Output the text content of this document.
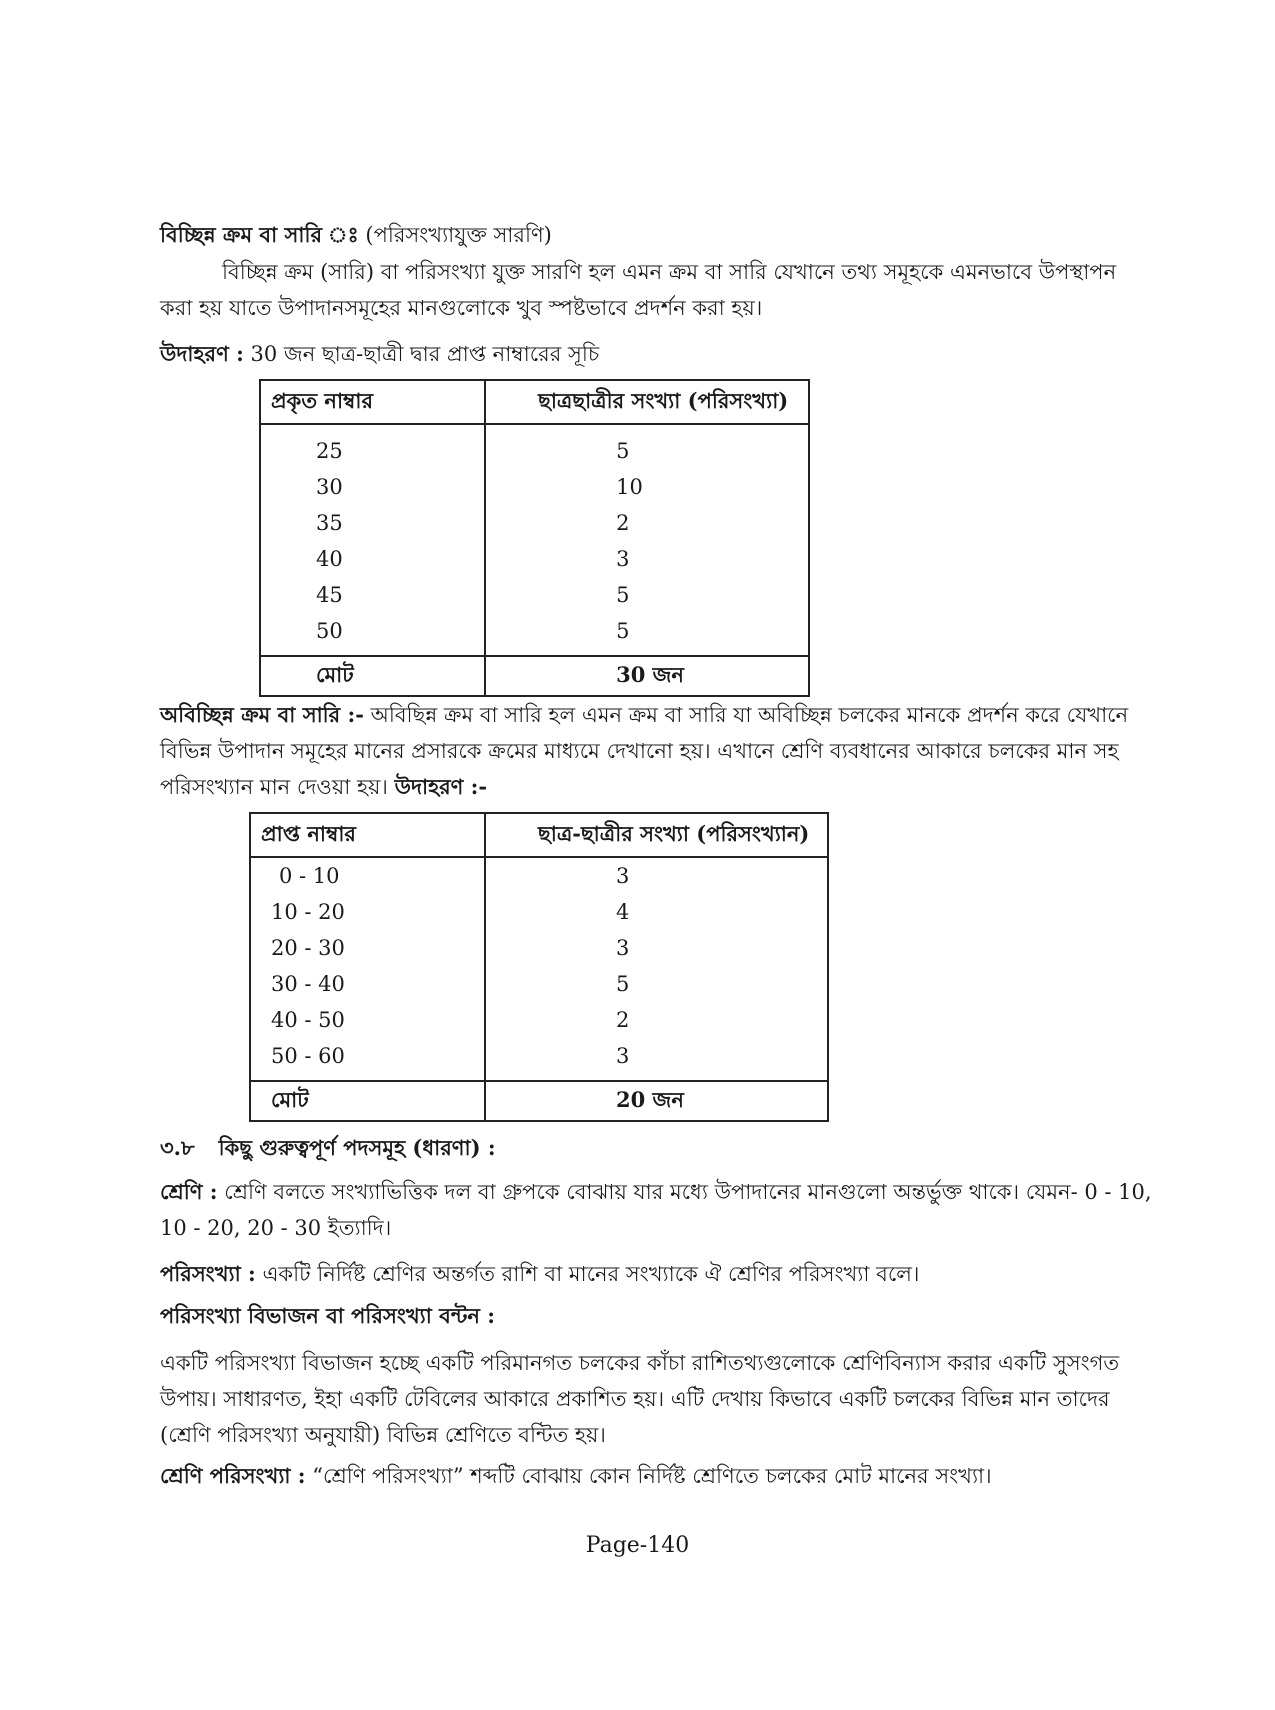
বিচ্ছিন্ন ক্রম বা সারি ঃ (পরিসংখ্যাযুক্ত সারণি)
বিচ্ছিন্ন ক্রম (সারি) বা পরিসংখ্যা যুক্ত সারণি হল এমন ক্রম বা সারি যেখানে তথ্য সমূহকে এমনভাবে উপস্থাপন করা হয় যাতে উপাদানসমূহের মানগুলোকে খুব স্পষ্টভাবে প্রদর্শন করা হয়।
উদাহরণ : 30 জন ছাত্র-ছাত্রী দ্বার প্রাপ্ত নাম্বারের সূচি
প্রকৃত নাম্বার	ছাত্রছাত্রীর সংখ্যা (পরিসংখ্যা)
25	5
30	10
35	2
40	3
45	5
50	5
মোট	30 জন
অবিচ্ছিন্ন ক্রম বা সারি :- অবিছিন্ন ক্রম বা সারি হল এমন ক্রম বা সারি যা অবিচ্ছিন্ন চলকের মানকে প্রদর্শন করে যেখানে বিভিন্ন উপাদান সমূহের মানের প্রসারকে ক্রমের মাধ্যমে দেখানো হয়। এখানে শ্রেণি ব্যবধানের আকারে চলকের মান সহ পরিসংখ্যান মান দেওয়া হয়। উদাহরণ :-
প্রাপ্ত নাম্বার	ছাত্র-ছাত্রীর সংখ্যা (পরিসংখ্যান)
0 - 10	3
10 - 20	4
20 - 30	3
30 - 40	5
40 - 50	2
50 - 60	3
মোট	20 জন
৩.৮ কিছু গুরুত্বপূর্ণ পদসমূহ (ধারণা) :
শ্রেণি : শ্রেণি বলতে সংখ্যাভিত্তিক দল বা গ্রুপকে বোঝায় যার মধ্যে উপাদানের মানগুলো অন্তর্ভুক্ত থাকে। যেমন- 0 - 10, 10 - 20, 20 - 30 ইত্যাদি।
পরিসংখ্যা : একটি নির্দিষ্ট শ্রেণির অন্তর্গত রাশি বা মানের সংখ্যাকে ঐ শ্রেণির পরিসংখ্যা বলে।
পরিসংখ্যা বিভাজন বা পরিসংখ্যা বন্টন :
একটি পরিসংখ্যা বিভাজন হচ্ছে একটি পরিমানগত চলকের কাঁচা রাশিতথ্যগুলোকে শ্রেণিবিন্যাস করার একটি সুসংগত উপায়। সাধারণত, ইহা একটি টেবিলের আকারে প্রকাশিত হয়। এটি দেখায় কিভাবে একটি চলকের বিভিন্ন মান তাদের (শ্রেণি পরিসংখ্যা অনুযায়ী) বিভিন্ন শ্রেণিতে বন্টিত হয়।
শ্রেণি পরিসংখ্যা : “শ্রেণি পরিসংখ্যা” শব্দটি বোঝায় কোন নির্দিষ্ট শ্রেণিতে চলকের মোট মানের সংখ্যা।
Page-140
